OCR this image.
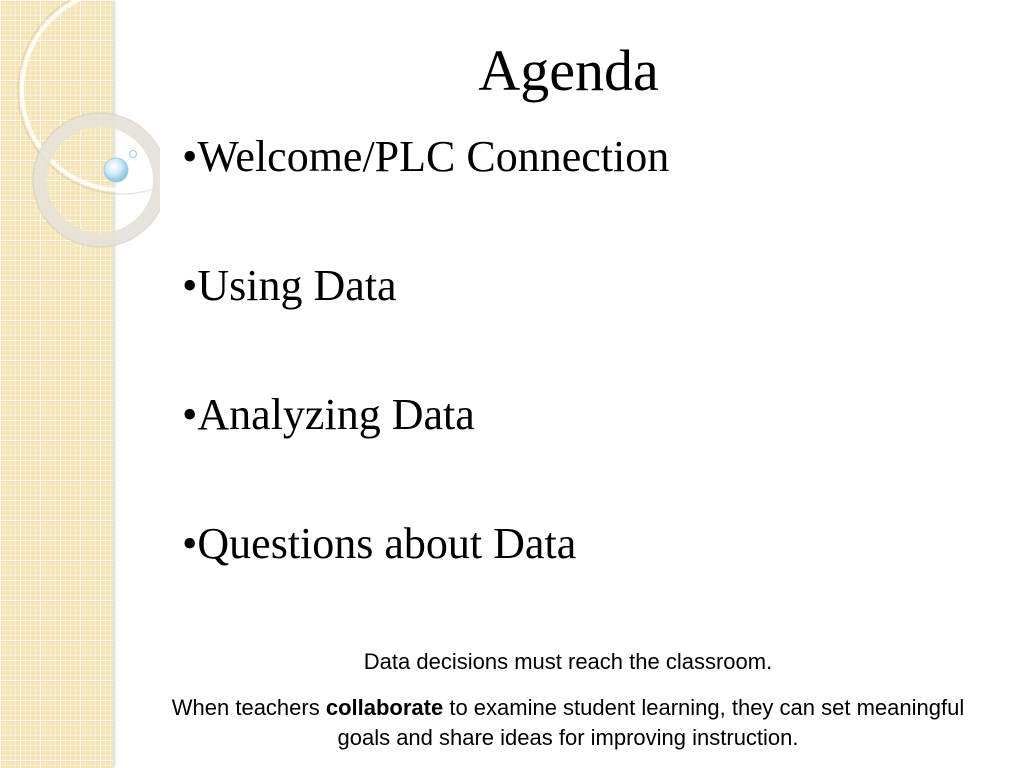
Agenda
•Welcome/PLC Connection
•Using Data
•Analyzing Data
•Questions about Data
Data decisions must reach the classroom.
When teachers collaborate to examine student learning, they can set meaningful goals and share ideas for improving instruction.
